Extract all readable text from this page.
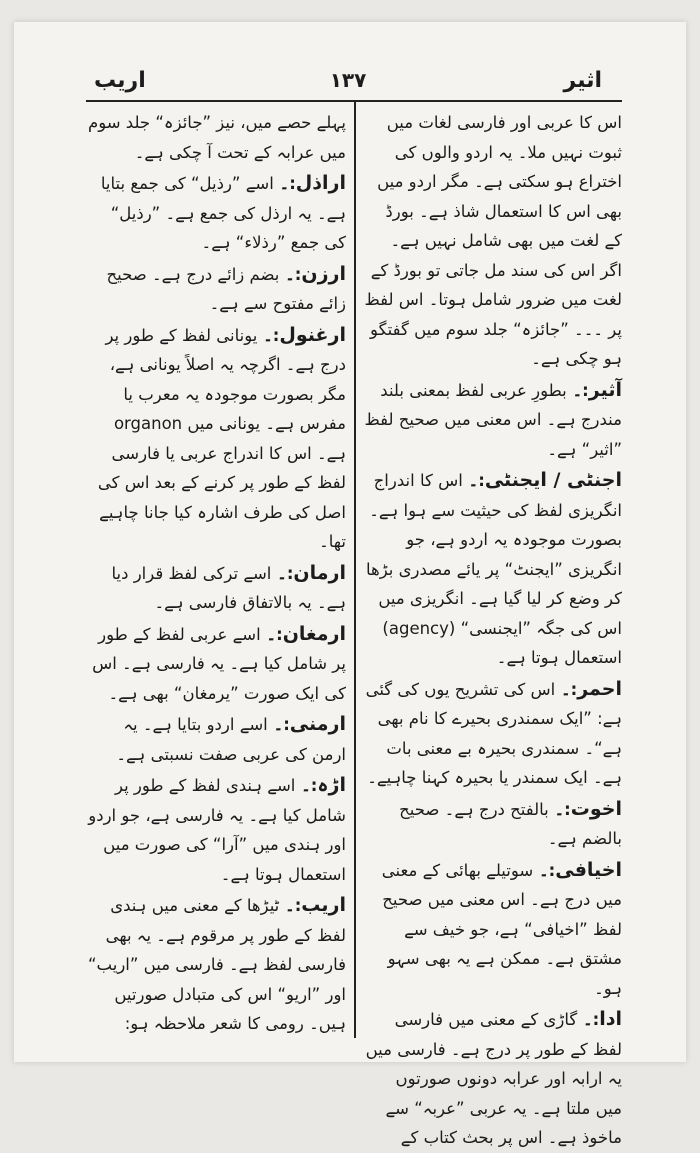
اثیر
۱۳۷
اریب

اس کا عربی اور فارسی لغات میں ثبوت نہیں ملا۔ یہ اردو والوں کی اختراع ہو سکتی ہے۔ مگر اردو میں بھی اس کا استعمال شاذ ہے۔ بورڈ کے لغت میں بھی شامل نہیں ہے۔ اگر اس کی سند مل جاتی تو بورڈ کے لغت میں ضرور شامل ہوتا۔ اس لفظ پر ۔۔۔ ”جائزہ“ جلد سوم میں گفتگو ہو چکی ہے۔

آثیر:۔ بطورِ عربی لفظ بمعنی بلند مندرج ہے۔ اس معنی میں صحیح لفظ ”اثیر“ ہے۔

اجنٹی / ایجنٹی:۔ اس کا اندراج انگریزی لفظ کی حیثیت سے ہوا ہے۔ بصورت موجودہ یہ اردو ہے، جو انگریزی ”ایجنٹ“ پر یائے مصدری بڑھا کر وضع کر لیا گیا ہے۔ انگریزی میں اس کی جگہ ”ایجنسی“ (agency) استعمال ہوتا ہے۔

احمر:۔ اس کی تشریح یوں کی گئی ہے: ”ایک سمندری بحیرے کا نام بھی ہے“۔ سمندری بحیرہ بے معنی بات ہے۔ ایک سمندر یا بحیرہ کہنا چاہیے۔

اخوت:۔ بالفتح درج ہے۔ صحیح بالضم ہے۔

اخیافی:۔ سوتیلے بھائی کے معنی میں درج ہے۔ اس معنی میں صحیح لفظ ”اخیافی“ ہے، جو خیف سے مشتق ہے۔ ممکن ہے یہ بھی سہو ہو۔

ادا:۔ گاڑی کے معنی میں فارسی لفظ کے طور پر درج ہے۔ فارسی میں یہ ارابہ اور عرابہ دونوں صورتوں میں ملتا ہے۔ یہ عربی ”عربہ“ سے ماخوذ ہے۔ اس پر بحث کتاب کے

پہلے حصے میں، نیز ”جائزہ“ جلد سوم میں عرابہ کے تحت آ چکی ہے۔

اراذل:۔ اسے ”رذیل“ کی جمع بتایا ہے۔ یہ ارذل کی جمع ہے۔ ”رذیل“ کی جمع ”رذلاء“ ہے۔

ارزن:۔ بضم زائے درج ہے۔ صحیح زائے مفتوح سے ہے۔

ارغنول:۔ یونانی لفظ کے طور پر درج ہے۔ اگرچہ یہ اصلاً یونانی ہے، مگر بصورت موجودہ یہ معرب یا مفرس ہے۔ یونانی میں organon ہے۔ اس کا اندراج عربی یا فارسی لفظ کے طور پر کرنے کے بعد اس کی اصل کی طرف اشارہ کیا جانا چاہیے تھا۔

ارمان:۔ اسے ترکی لفظ قرار دیا ہے۔ یہ بالاتفاق فارسی ہے۔

ارمغان:۔ اسے عربی لفظ کے طور پر شامل کیا ہے۔ یہ فارسی ہے۔ اس کی ایک صورت ”یرمغان“ بھی ہے۔

ارمنی:۔ اسے اردو بتایا ہے۔ یہ ارمن کی عربی صفت نسبتی ہے۔

اڑہ:۔ اسے ہندی لفظ کے طور پر شامل کیا ہے۔ یہ فارسی ہے، جو اردو اور ہندی میں ”آرا“ کی صورت میں استعمال ہوتا ہے۔

اریب:۔ ٹیڑھا کے معنی میں ہندی لفظ کے طور پر مرقوم ہے۔ یہ بھی فارسی لفظ ہے۔ فارسی میں ”اریب“ اور ”اریو“ اس کی متبادل صورتیں ہیں۔ رومی کا شعر ملاحظہ ہو:
